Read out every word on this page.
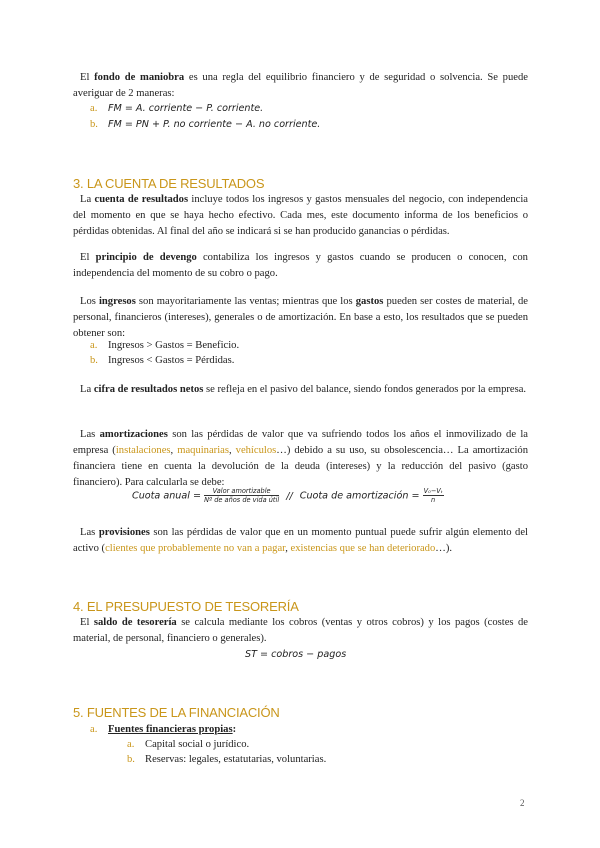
El fondo de maniobra es una regla del equilibrio financiero y de seguridad o solvencia. Se puede averiguar de 2 maneras:
a. FM = A. corriente − P. corriente.
b. FM = PN + P. no corriente − A. no corriente.
3. LA CUENTA DE RESULTADOS
La cuenta de resultados incluye todos los ingresos y gastos mensuales del negocio, con independencia del momento en que se haya hecho efectivo. Cada mes, este documento informa de los beneficios o pérdidas obtenidas. Al final del año se indicará si se han producido ganancias o pérdidas.
El principio de devengo contabiliza los ingresos y gastos cuando se producen o conocen, con independencia del momento de su cobro o pago.
Los ingresos son mayoritariamente las ventas; mientras que los gastos pueden ser costes de material, de personal, financieros (intereses), generales o de amortización. En base a esto, los resultados que se pueden obtener son:
a. Ingresos > Gastos = Beneficio.
b. Ingresos < Gastos = Pérdidas.
La cifra de resultados netos se refleja en el pasivo del balance, siendo fondos generados por la empresa.
Las amortizaciones son las pérdidas de valor que va sufriendo todos los años el inmovilizado de la empresa (instalaciones, maquinarias, vehículos…) debido a su uso, su obsolescencia… La amortización financiera tiene en cuenta la devolución de la deuda (intereses) y la reducción del pasivo (gasto financiero). Para calcularla se debe:
Cuota anual = $\frac{\text{Valor amortizable}}{\text{Nº de años de vida útil}}$ // Cuota de amortización = $\frac{\text{V₀−Vₜ}}{n}$
Las provisiones son las pérdidas de valor que en un momento puntual puede sufrir algún elemento del activo (clientes que probablemente no van a pagar, existencias que se han deteriorado…).
4. EL PRESUPUESTO DE TESORERÍA
El saldo de tesorería se calcula mediante los cobros (ventas y otros cobros) y los pagos (costes de material, de personal, financiero o generales).
ST = cobros − pagos
5. FUENTES DE LA FINANCIACIÓN
a. Fuentes financieras propias:
a. Capital social o jurídico.
b. Reservas: legales, estatutarias, voluntarias.
2
